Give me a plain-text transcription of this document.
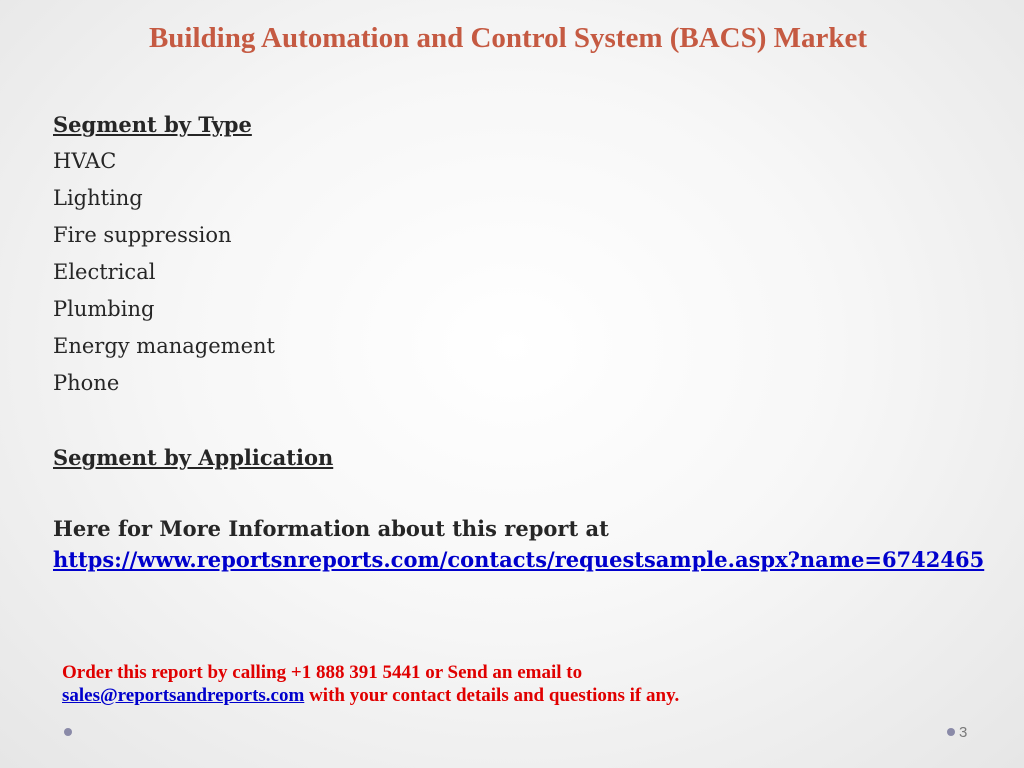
Building Automation and Control System (BACS) Market
Segment by Type
HVAC
Lighting
Fire suppression
Electrical
Plumbing
Energy management
Phone
Segment by Application
Here for More Information about this report at
https://www.reportsnreports.com/contacts/requestsample.aspx?name=6742465
Order this report by calling +1 888 391 5441 or Send an email to
sales@reportsandreports.com with your contact details and questions if any.
3
